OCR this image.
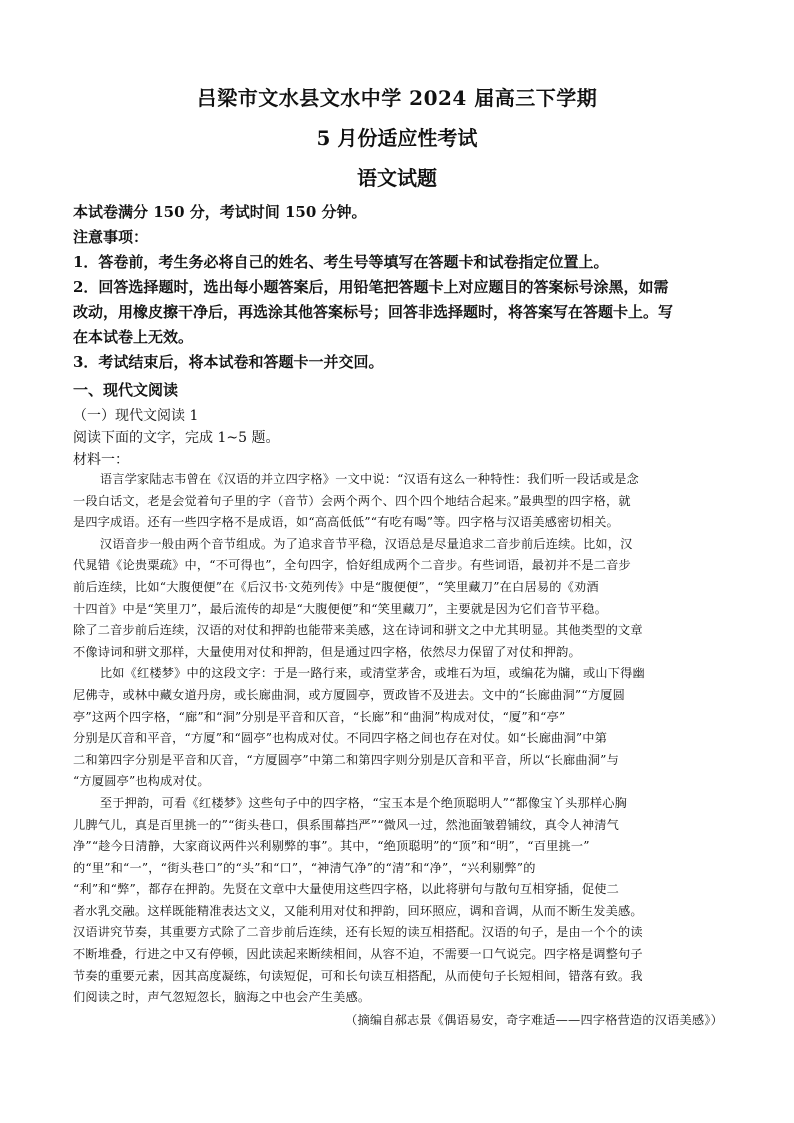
吕梁市文水县文水中学 2024 届高三下学期
5 月份适应性考试
语文试题
本试卷满分 150 分，考试时间 150 分钟。
注意事项：
1．答卷前，考生务必将自己的姓名、考生号等填写在答题卡和试卷指定位置上。
2．回答选择题时，选出每小题答案后，用铅笔把答题卡上对应题目的答案标号涂黑，如需
改动，用橡皮擦干净后，再选涂其他答案标号；回答非选择题时，将答案写在答题卡上。写
在本试卷上无效。
3．考试结束后，将本试卷和答题卡一并交回。
一、现代文阅读
（一）现代文阅读 1
阅读下面的文字，完成 1~5 题。
材料一：
语言学家陆志韦曾在《汉语的并立四字格》一文中说：“汉语有这么一种特性：我们听一段话或是念
一段白话文，老是会觉着句子里的字（音节）会两个两个、四个四个地结合起来。”最典型的四字格，就
是四字成语。还有一些四字格不是成语，如“高高低低”“有吃有喝”等。四字格与汉语美感密切相关。
汉语音步一般由两个音节组成。为了追求音节平稳，汉语总是尽量追求二音步前后连续。比如，汉
代晁错《论贵粟疏》中，“不可得也”，全句四字，恰好组成两个二音步。有些词语，最初并不是二音步
前后连续，比如“大腹便便”在《后汉书·文苑列传》中是“腹便便”，“笑里藏刀”在白居易的《劝酒
十四首》中是“笑里刀”，最后流传的却是“大腹便便”和“笑里藏刀”，主要就是因为它们音节平稳。
除了二音步前后连续，汉语的对仗和押韵也能带来美感，这在诗词和骈文之中尤其明显。其他类型的文章
不像诗词和骈文那样，大量使用对仗和押韵，但是通过四字格，依然尽力保留了对仗和押韵。
比如《红楼梦》中的这段文字：于是一路行来，或清堂茅舍，或堆石为垣，或编花为牖，或山下得幽
尼佛寺，或林中藏女道丹房，或长廊曲洞，或方厦圆亭，贾政皆不及进去。文中的“长廊曲洞”“方厦圆
亭”这两个四字格，“廊”和“洞”分别是平音和仄音，“长廊”和“曲洞”构成对仗，“厦”和“亭”
分别是仄音和平音，“方厦”和“圆亭”也构成对仗。不同四字格之间也存在对仗。如“长廊曲洞”中第
二和第四字分别是平音和仄音，“方厦圆亭”中第二和第四字则分别是仄音和平音，所以“长廊曲洞”与
“方厦圆亭”也构成对仗。
至于押韵，可看《红楼梦》这些句子中的四字格，“宝玉本是个绝顶聪明人”“都像宝丫头那样心胸
儿脾气儿，真是百里挑一的”“街头巷口，俱系围幕挡严”“微风一过，然池面皱碧铺纹，真令人神清气
净”“趁今日清静，大家商议两件兴利剔弊的事”。其中，“绝顶聪明”的“顶”和“明”，“百里挑一”
的“里”和“一”，“街头巷口”的“头”和“口”，“神清气净”的“清”和“净”，“兴利剔弊”的
“利”和“弊”，都存在押韵。先贤在文章中大量使用这些四字格，以此将骈句与散句互相穿插，促使二
者水乳交融。这样既能精准表达文义，又能利用对仗和押韵，回环照应，调和音调，从而不断生发美感。
汉语讲究节奏，其重要方式除了二音步前后连续，还有长短的读互相搭配。汉语的句子，是由一个个的读
不断堆叠，行进之中又有停顿，因此读起来断续相间，从容不迫，不需要一口气说完。四字格是调整句子
节奏的重要元素，因其高度凝练，句读短促，可和长句读互相搭配，从而使句子长短相间，错落有致。我
们阅读之时，声气忽短忽长，脑海之中也会产生美感。
（摘编自郝志景《偶语易安，奇字难适——四字格营造的汉语美感》）
